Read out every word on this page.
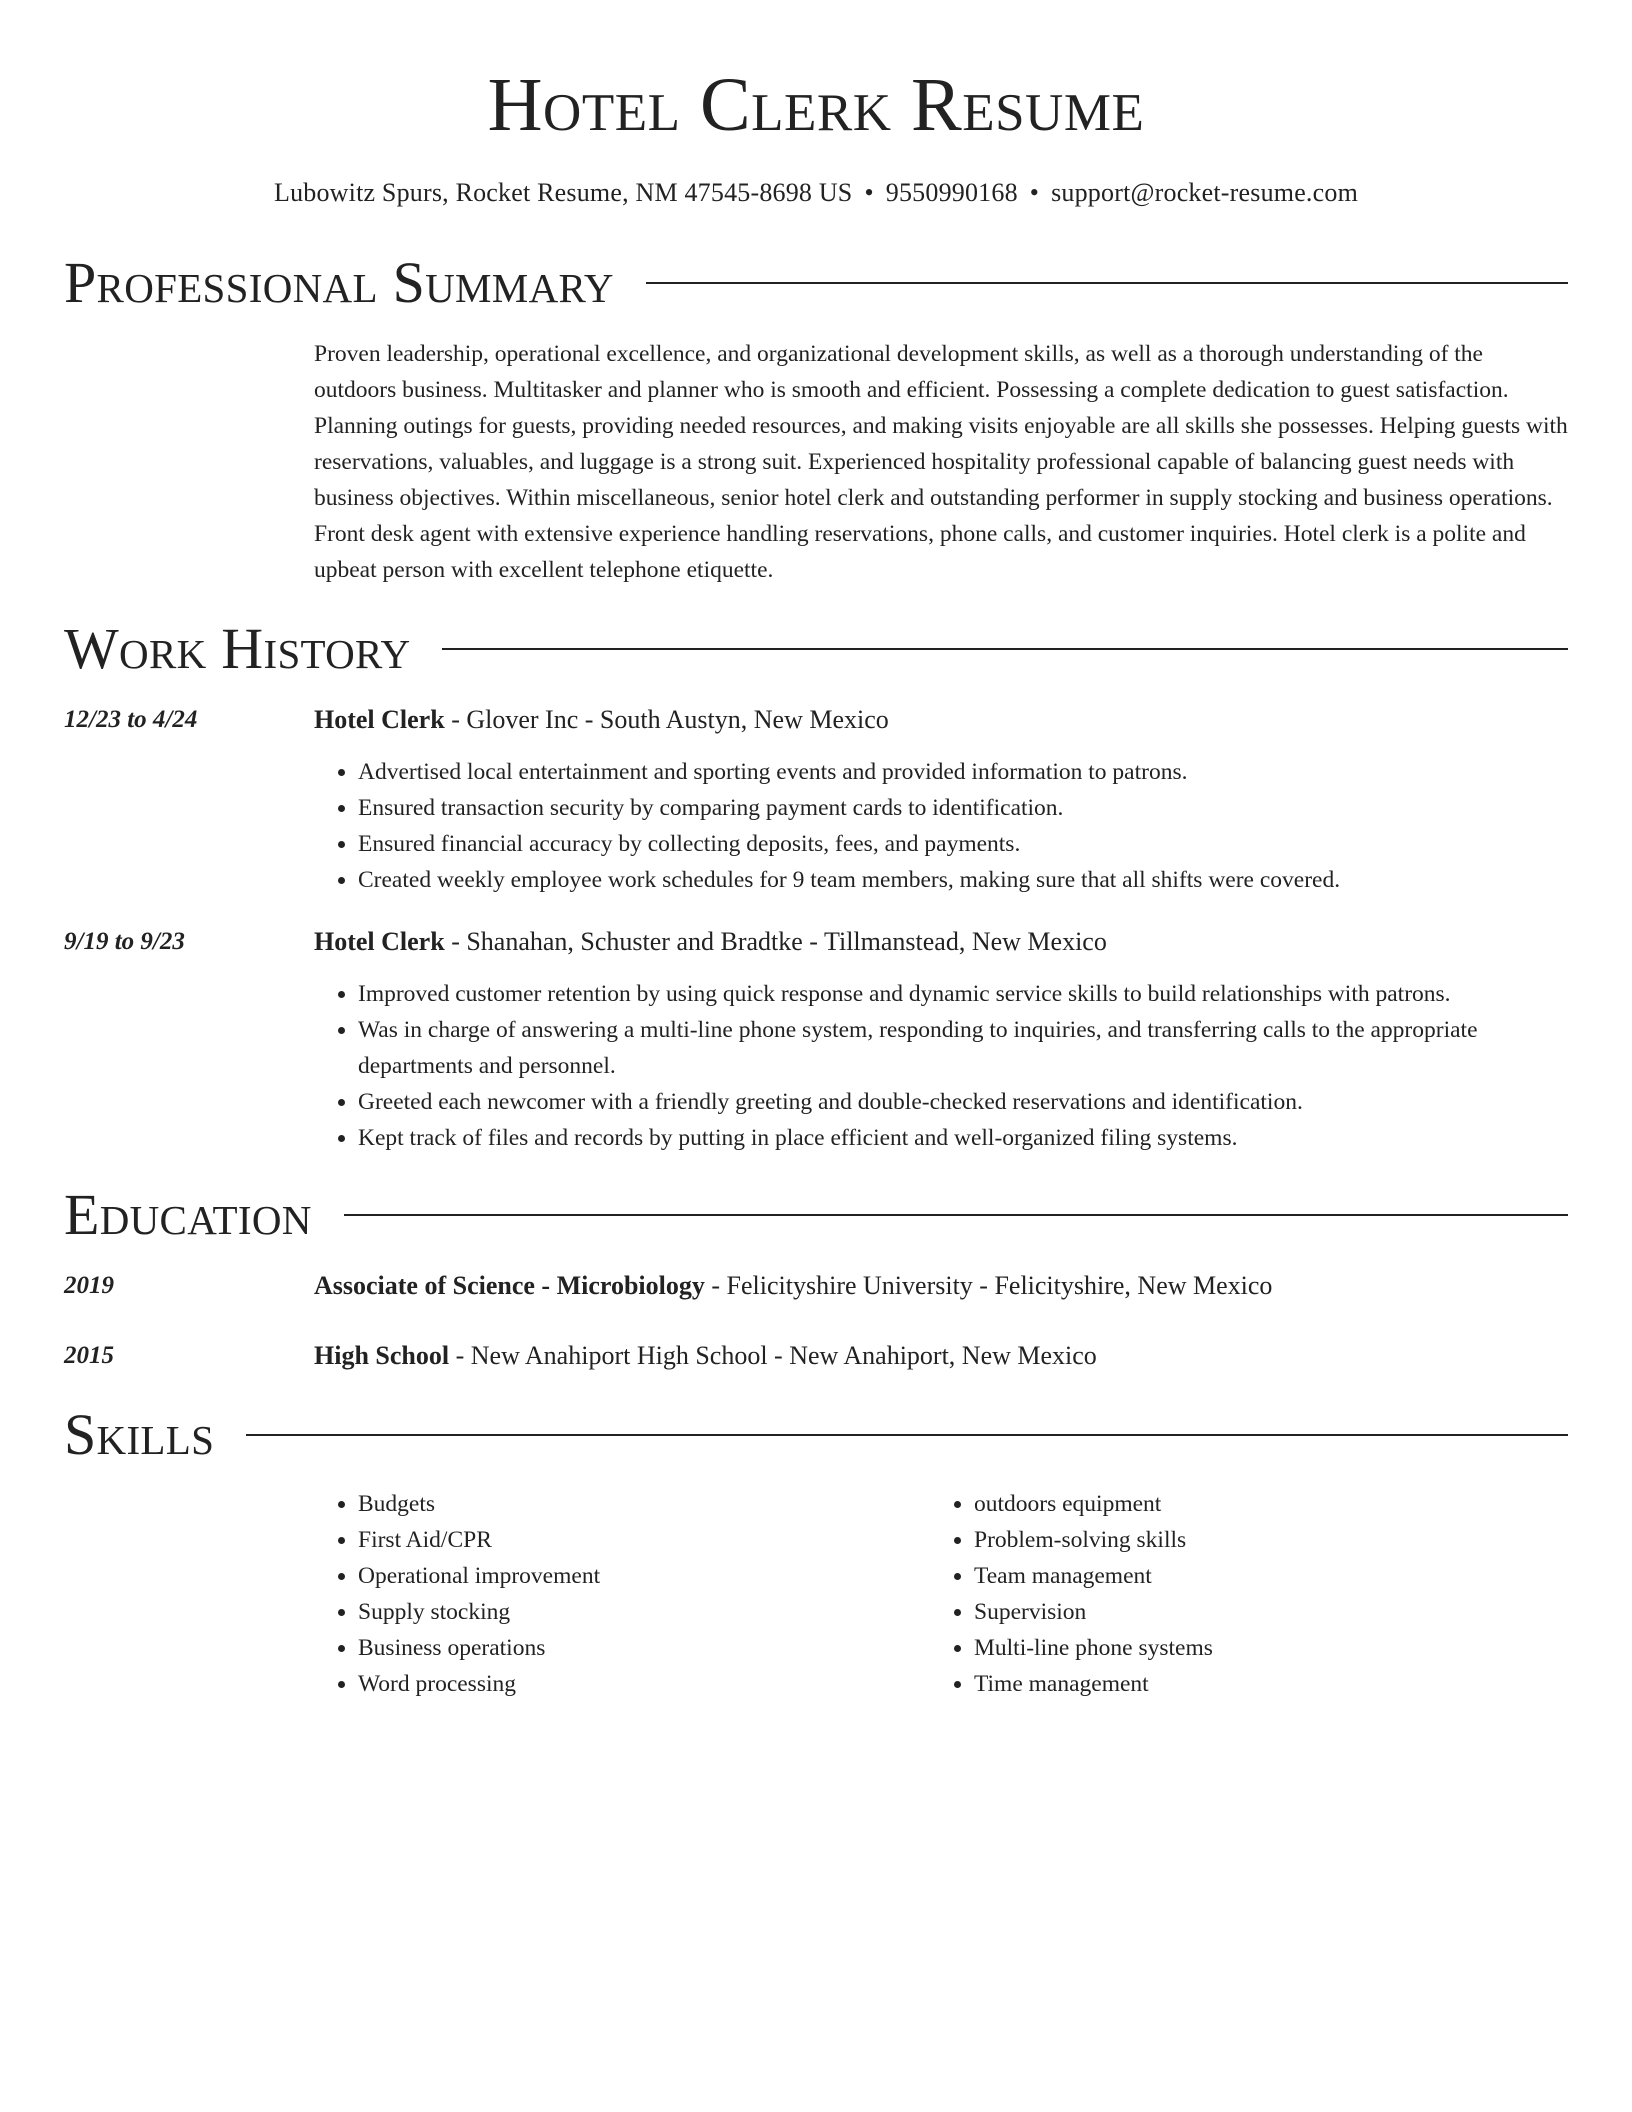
Hotel Clerk Resume
Lubowitz Spurs, Rocket Resume, NM 47545-8698 US • 9550990168 • support@rocket-resume.com
Professional Summary
Proven leadership, operational excellence, and organizational development skills, as well as a thorough understanding of the outdoors business. Multitasker and planner who is smooth and efficient. Possessing a complete dedication to guest satisfaction. Planning outings for guests, providing needed resources, and making visits enjoyable are all skills she possesses. Helping guests with reservations, valuables, and luggage is a strong suit. Experienced hospitality professional capable of balancing guest needs with business objectives. Within miscellaneous, senior hotel clerk and outstanding performer in supply stocking and business operations. Front desk agent with extensive experience handling reservations, phone calls, and customer inquiries. Hotel clerk is a polite and upbeat person with excellent telephone etiquette.
Work History
12/23 to 4/24	Hotel Clerk - Glover Inc - South Austyn, New Mexico
• Advertised local entertainment and sporting events and provided information to patrons.
• Ensured transaction security by comparing payment cards to identification.
• Ensured financial accuracy by collecting deposits, fees, and payments.
• Created weekly employee work schedules for 9 team members, making sure that all shifts were covered.
9/19 to 9/23	Hotel Clerk - Shanahan, Schuster and Bradtke - Tillmanstead, New Mexico
• Improved customer retention by using quick response and dynamic service skills to build relationships with patrons.
• Was in charge of answering a multi-line phone system, responding to inquiries, and transferring calls to the appropriate departments and personnel.
• Greeted each newcomer with a friendly greeting and double-checked reservations and identification.
• Kept track of files and records by putting in place efficient and well-organized filing systems.
Education
2019	Associate of Science - Microbiology - Felicityshire University - Felicityshire, New Mexico
2015	High School - New Anahiport High School - New Anahiport, New Mexico
Skills
• Budgets
• First Aid/CPR
• Operational improvement
• Supply stocking
• Business operations
• Word processing
• outdoors equipment
• Problem-solving skills
• Team management
• Supervision
• Multi-line phone systems
• Time management
